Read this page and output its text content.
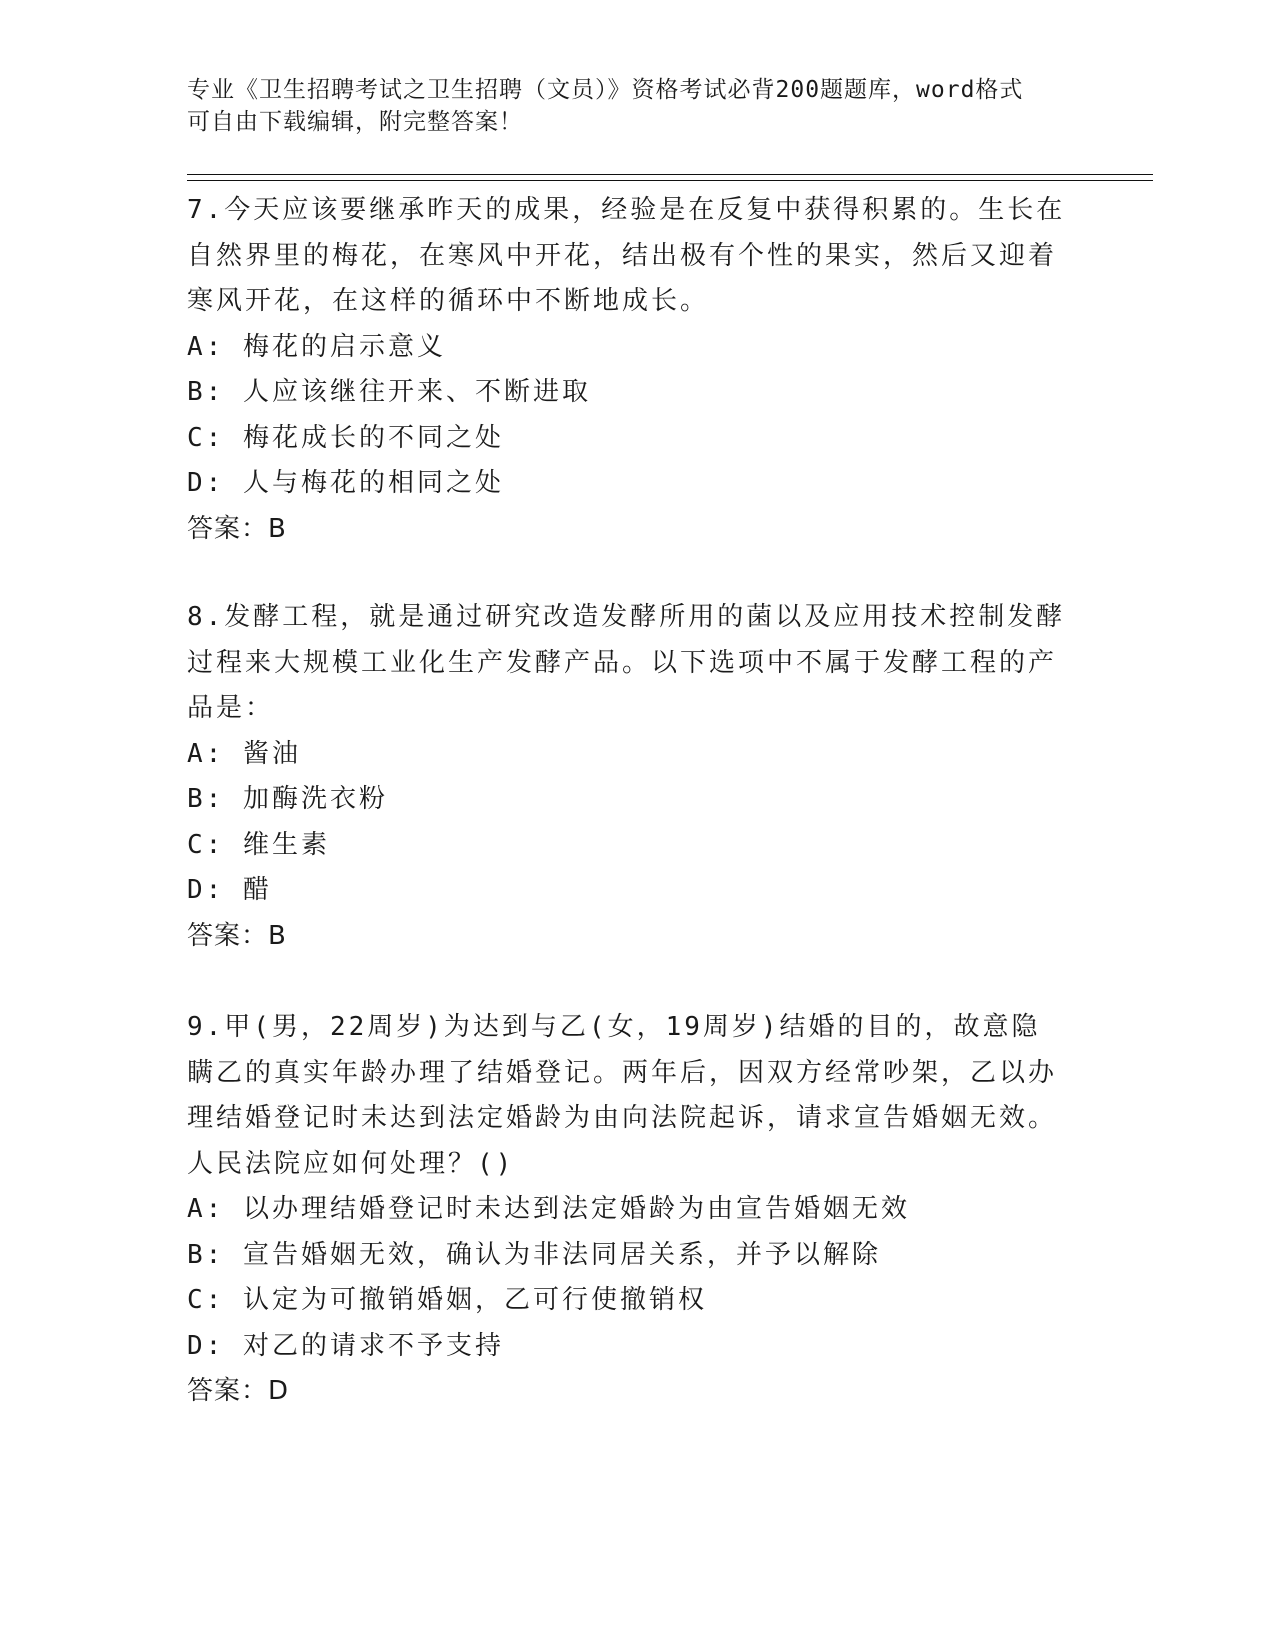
专业《卫生招聘考试之卫生招聘（文员）》资格考试必背200题题库，word格式
可自由下载编辑，附完整答案！

7.今天应该要继承昨天的成果，经验是在反复中获得积累的。生长在自然界里的梅花，在寒风中开花，结出极有个性的果实，然后又迎着寒风开花，在这样的循环中不断地成长。

A: 梅花的启示意义

B: 人应该继往开来、不断进取

C: 梅花成长的不同之处

D: 人与梅花的相同之处

答案：B

8.发酵工程，就是通过研究改造发酵所用的菌以及应用技术控制发酵过程来大规模工业化生产发酵产品。以下选项中不属于发酵工程的产品是：

A: 酱油

B: 加酶洗衣粉

C: 维生素

D: 醋

答案：B

9.甲(男，22周岁)为达到与乙(女，19周岁)结婚的目的，故意隐瞒乙的真实年龄办理了结婚登记。两年后，因双方经常吵架，乙以办理结婚登记时未达到法定婚龄为由向法院起诉，请求宣告婚姻无效。人民法院应如何处理？()

A: 以办理结婚登记时未达到法定婚龄为由宣告婚姻无效

B: 宣告婚姻无效，确认为非法同居关系，并予以解除

C: 认定为可撤销婚姻，乙可行使撤销权

D: 对乙的请求不予支持

答案：D
